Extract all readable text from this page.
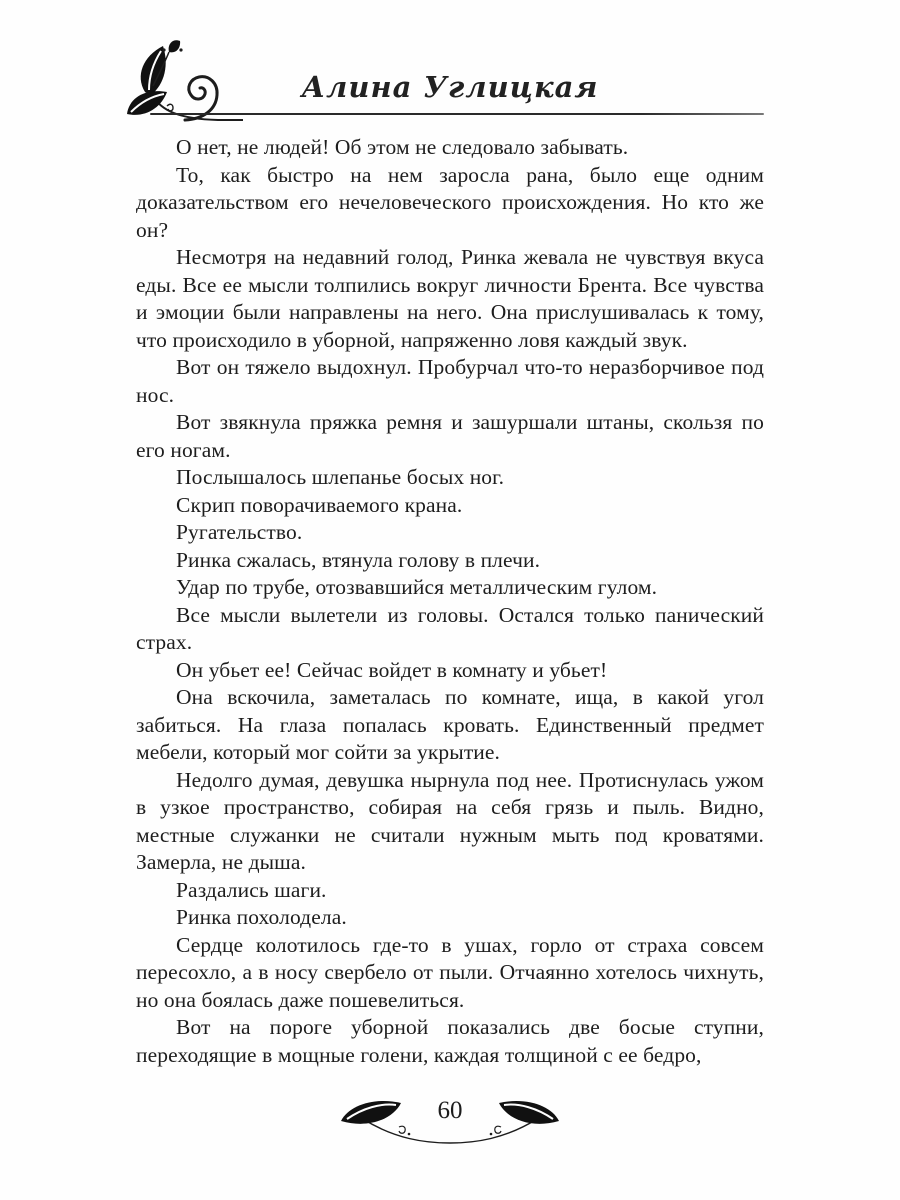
Алина Углицкая

О нет, не людей! Об этом не следовало забывать.

То, как быстро на нем заросла рана, было еще одним доказательством его нечеловеческого происхождения. Но кто же он?

Несмотря на недавний голод, Ринка жевала не чувствуя вкуса еды. Все ее мысли толпились вокруг личности Брента. Все чувства и эмоции были направлены на него. Она прислушивалась к тому, что происходило в уборной, напряженно ловя каждый звук.

Вот он тяжело выдохнул. Пробурчал что-то неразборчивое под нос.

Вот звякнула пряжка ремня и зашуршали штаны, скользя по его ногам.

Послышалось шлепанье босых ног.

Скрип поворачиваемого крана.

Ругательство.

Ринка сжалась, втянула голову в плечи.

Удар по трубе, отозвавшийся металлическим гулом.

Все мысли вылетели из головы. Остался только панический страх.

Он убьет ее! Сейчас войдет в комнату и убьет!

Она вскочила, заметалась по комнате, ища, в какой угол забиться. На глаза попалась кровать. Единственный предмет мебели, который мог сойти за укрытие.

Недолго думая, девушка нырнула под нее. Протиснулась ужом в узкое пространство, собирая на себя грязь и пыль. Видно, местные служанки не считали нужным мыть под кроватями. Замерла, не дыша.

Раздались шаги.

Ринка похолодела.

Сердце колотилось где-то в ушах, горло от страха совсем пересохло, а в носу свербело от пыли. Отчаянно хотелось чихнуть, но она боялась даже пошевелиться.

Вот на пороге уборной показались две босые ступни, переходящие в мощные голени, каждая толщиной с ее бедро,

60
